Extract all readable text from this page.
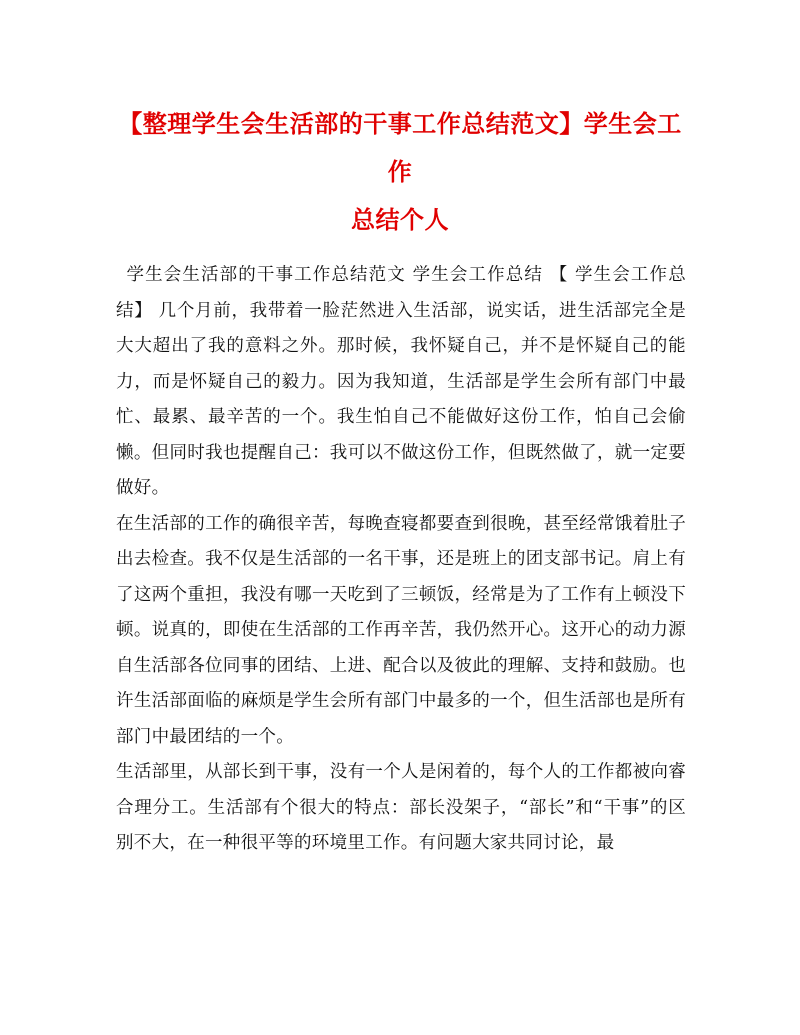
【整理学生会生活部的干事工作总结范文】学生会工作
总结个人

学生会生活部的干事工作总结范文 学生会工作总结 【 学生会工作总结】 几个月前，我带着一脸茫然进入生活部，说实话，进生活部完全是大大超出了我的意料之外。那时候，我怀疑自己，并不是怀疑自己的能力，而是怀疑自己的毅力。因为我知道，生活部是学生会所有部门中最忙、最累、最辛苦的一个。我生怕自己不能做好这份工作，怕自己会偷懒。但同时我也提醒自己：我可以不做这份工作，但既然做了，就一定要做好。

在生活部的工作的确很辛苦，每晚查寝都要查到很晚，甚至经常饿着肚子出去检查。我不仅是生活部的一名干事，还是班上的团支部书记。肩上有了这两个重担，我没有哪一天吃到了三顿饭，经常是为了工作有上顿没下顿。说真的，即使在生活部的工作再辛苦，我仍然开心。这开心的动力源自生活部各位同事的团结、上进、配合以及彼此的理解、支持和鼓励。也许生活部面临的麻烦是学生会所有部门中最多的一个，但生活部也是所有部门中最团结的一个。

生活部里，从部长到干事，没有一个人是闲着的，每个人的工作都被向睿合理分工。生活部有个很大的特点：部长没架子，“部长”和“干事”的区别不大，在一种很平等的环境里工作。有问题大家共同讨论，最
